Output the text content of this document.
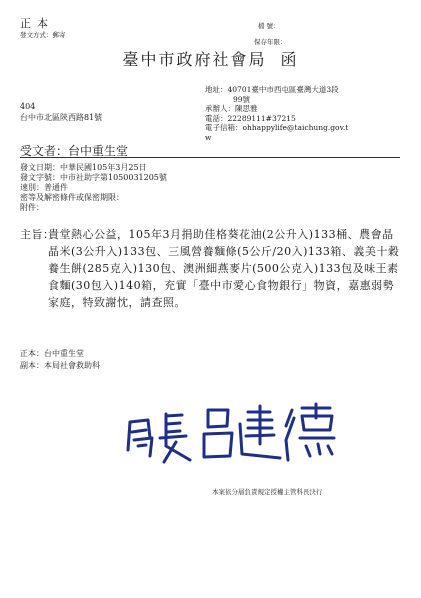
正本
發文方式：郵寄
檔 號：
保存年限：
臺中市政府社會局 函
404
台中市北區陝西路81號
地址：40701臺中市西屯區臺灣大道3段
99號
承辦人：陳思雅
電話：22289111#37215
電子信箱：ohhappylife@taichung.gov.t
w
受文者：台中重生堂
發文日期：中華民國105年3月25日
發文字號：中市社助字第1050031205號
速別：普通件
密等及解密條件或保密期限：
附件：
主旨：
貴堂熱心公益，105年3月捐助佳格葵花油(2公升入)133桶、農會晶晶米(3公升入)133包、三風營養麵條(5公斤/20入)133箱、義美十穀養生餅(285克入)130包、澳洲細燕麥片(500公克入)133包及味王素食麵(30包入)140箱，充實「臺中市愛心食物銀行」物資，嘉惠弱勢家庭，特致謝忱，請查照。
正本：台中重生堂
副本：本局社會救助科
局長呂建德
本案依分層負責規定授權主管科長決行
